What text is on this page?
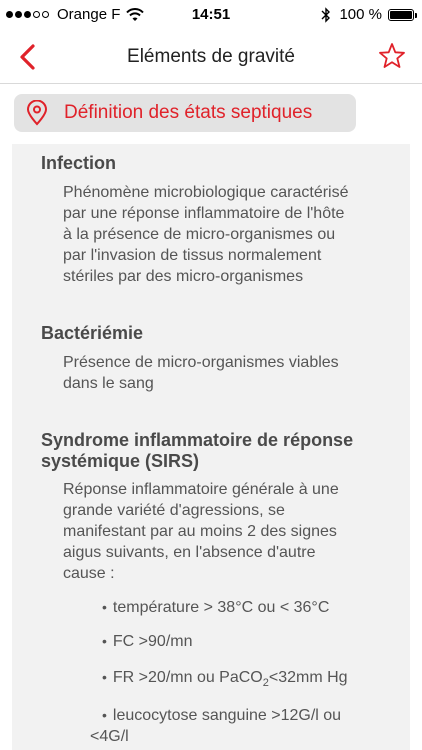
Orange F	14:51	100 %
Eléments de gravité
Définition des états septiques
Infection
Phénomène microbiologique caractérisé
par une réponse inflammatoire de l'hôte
à la présence de micro-organismes ou
par l'invasion de tissus normalement
stériles par des micro-organismes
Bactériémie
Présence de micro-organismes viables
dans le sang
Syndrome inflammatoire de réponse
systémique (SIRS)
Réponse inflammatoire générale à une
grande variété d'agressions, se
manifestant par au moins 2 des signes
aigus suivants, en l'absence d'autre
cause :
• température > 38°C ou < 36°C
• FC >90/mn
• FR >20/mn ou PaCO$_2$<32mm Hg
• leucocytose sanguine >12G/l ou
<4G/l
